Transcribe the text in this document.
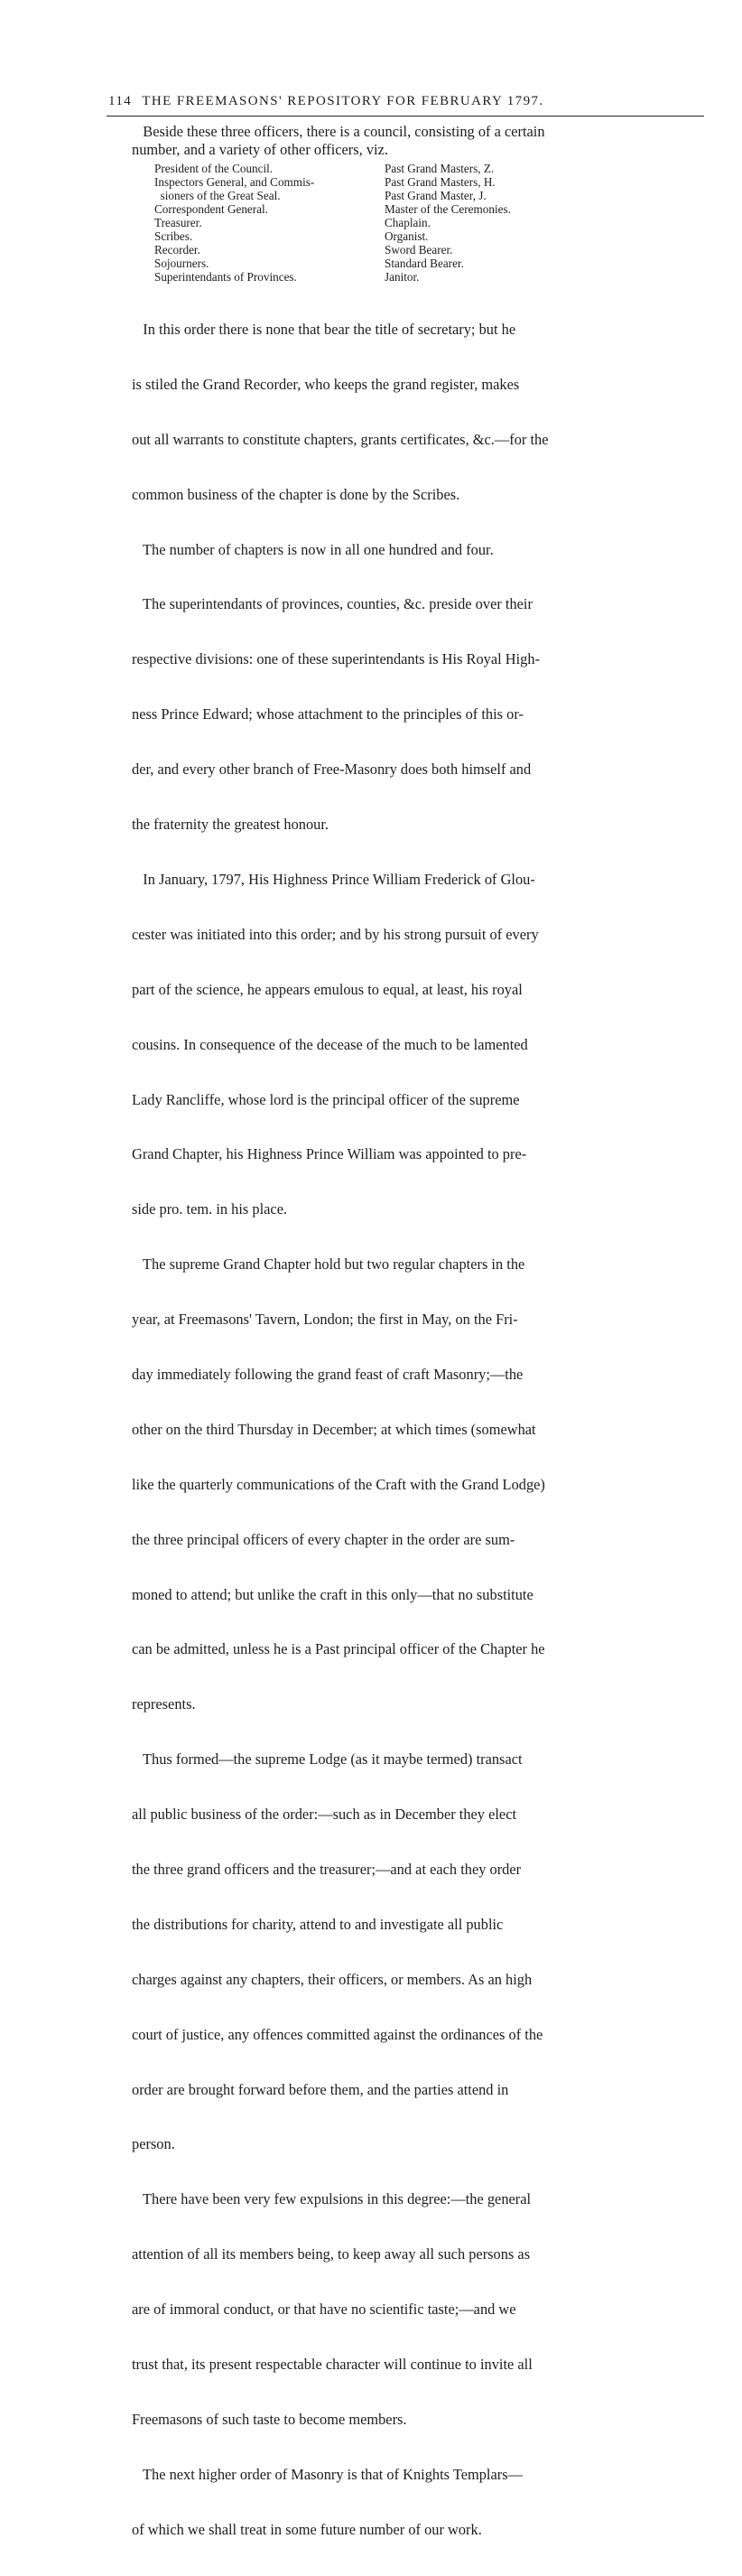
114 THE FREEMASONS' REPOSITORY FOR FEBRUARY 1797.

Beside these three officers, there is a council, consisting of a certain

number, and a variety of other officers, viz.

President of the Council.	Past Grand Masters, Z.
Inspectors General, and Commis-	Past Grand Masters, H.
sioners of the Great Seal.	Past Grand Master, J.
Correspondent General.	Master of the Ceremonies.
Treasurer.	Chaplain.
Scribes.	Organist.
Recorder.	Sword Bearer.
Sojourners.	Standard Bearer.
Superintendants of Provinces.	Janitor.

In this order there is none that bear the title of secretary; but he

is stiled the Grand Recorder, who keeps the grand register, makes

out all warrants to constitute chapters, grants certificates, &c.—for the

common business of the chapter is done by the Scribes.

The number of chapters is now in all one hundred and four.

The superintendants of provinces, counties, &c. preside over their

respective divisions: one of these superintendants is His Royal High-

ness Prince Edward; whose attachment to the principles of this or-

der, and every other branch of Free-Masonry does both himself and

the fraternity the greatest honour.

In January, 1797, His Highness Prince William Frederick of Glou-

cester was initiated into this order; and by his strong pursuit of every

part of the science, he appears emulous to equal, at least, his royal

cousins. In consequence of the decease of the much to be lamented

Lady Rancliffe, whose lord is the principal officer of the supreme

Grand Chapter, his Highness Prince William was appointed to pre-

side pro. tem. in his place.

The supreme Grand Chapter hold but two regular chapters in the

year, at Freemasons' Tavern, London; the first in May, on the Fri-

day immediately following the grand feast of craft Masonry;—the

other on the third Thursday in December; at which times (somewhat

like the quarterly communications of the Craft with the Grand Lodge)

the three principal officers of every chapter in the order are sum-

moned to attend; but unlike the craft in this only—that no substitute

can be admitted, unless he is a Past principal officer of the Chapter he

represents.

Thus formed—the supreme Lodge (as it maybe termed) transact

all public business of the order:—such as in December they elect

the three grand officers and the treasurer;—and at each they order

the distributions for charity, attend to and investigate all public

charges against any chapters, their officers, or members. As an high

court of justice, any offences committed against the ordinances of the

order are brought forward before them, and the parties attend in

person.

There have been very few expulsions in this degree:—the general

attention of all its members being, to keep away all such persons as

are of immoral conduct, or that have no scientific taste;—and we

trust that, its present respectable character will continue to invite all

Freemasons of such taste to become members.

The next higher order of Masonry is that of Knights Templars—

of which we shall treat in some future number of our work.
